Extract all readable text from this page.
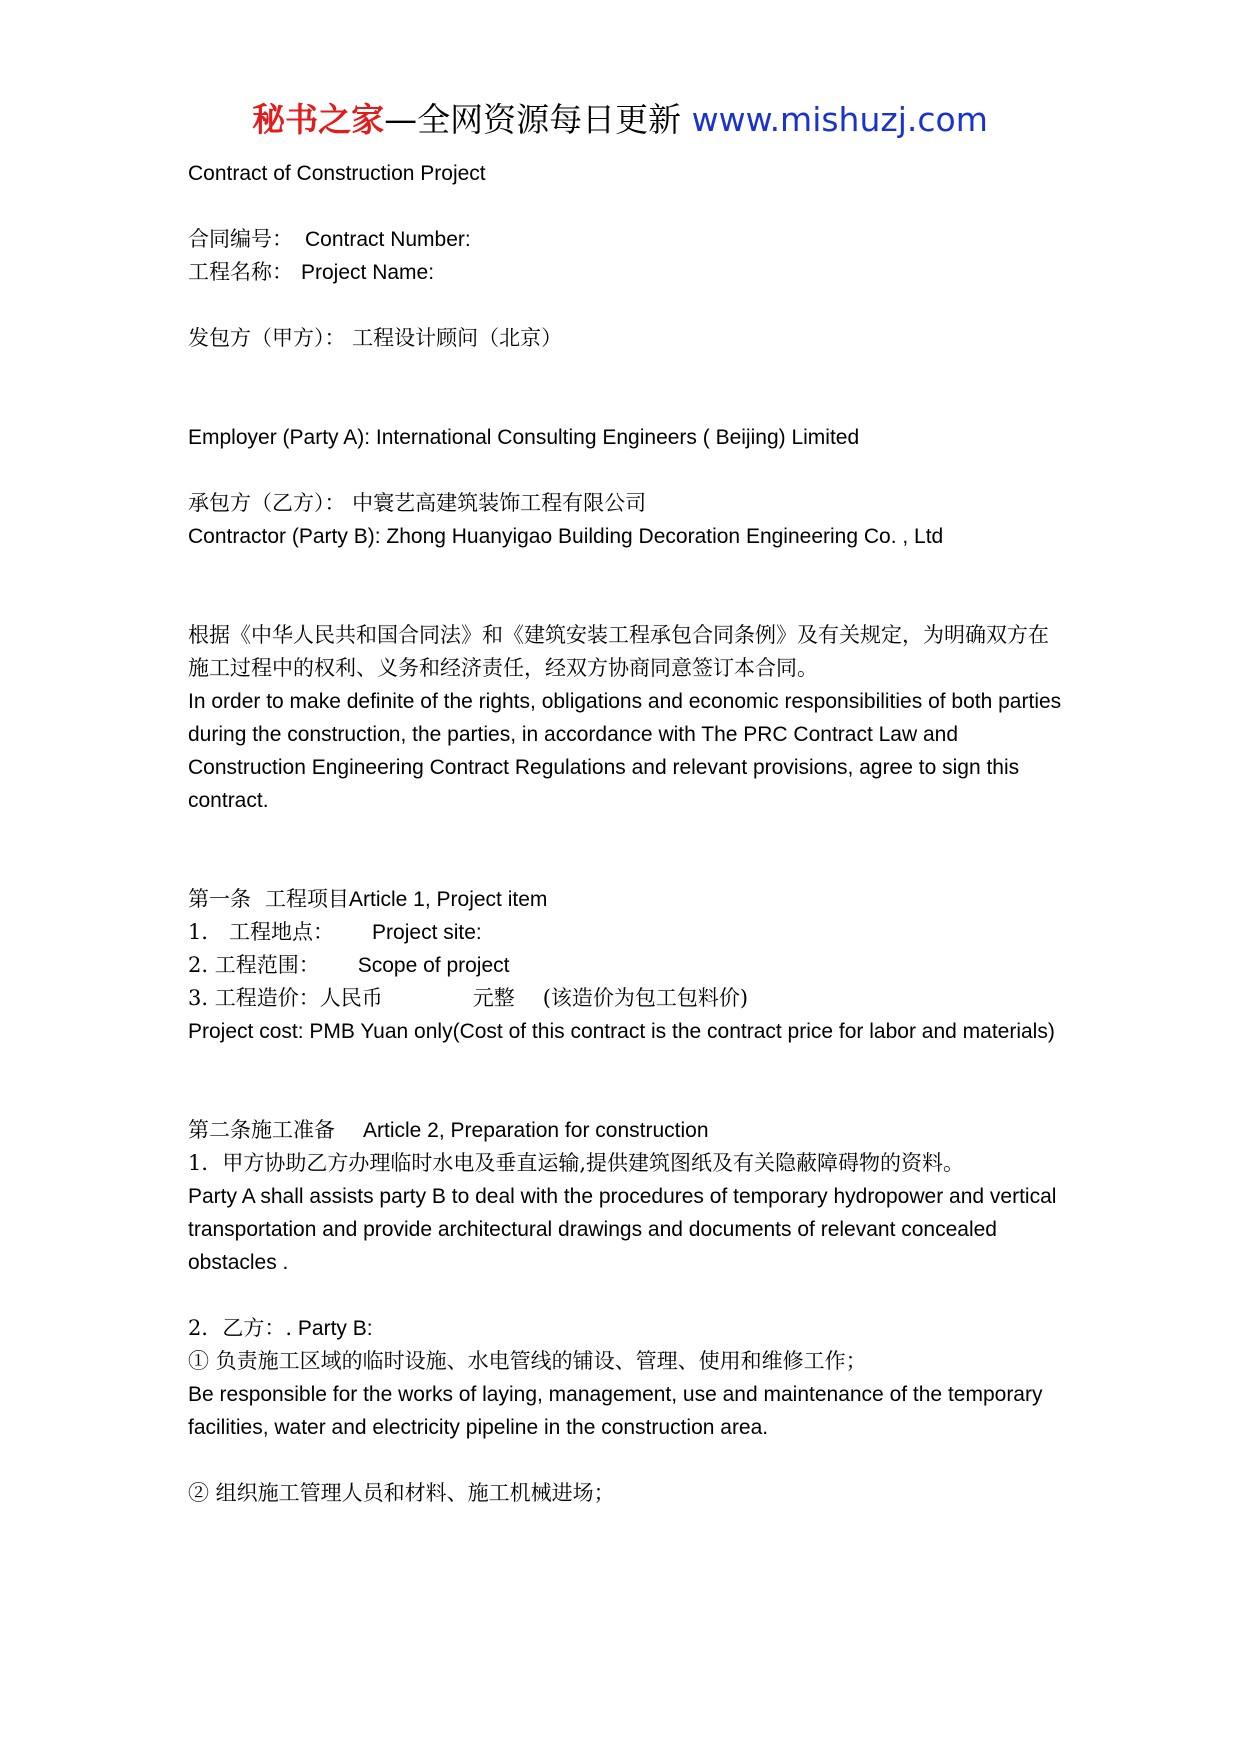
秘书之家—全网资源每日更新 www.mishuzj.com
Contract of Construction Project
合同编号： Contract Number:
工程名称： Project Name:
发包方（甲方）： 工程设计顾问（北京）
Employer (Party A): International Consulting Engineers ( Beijing) Limited
承包方（乙方）： 中寰艺高建筑装饰工程有限公司
Contractor (Party B): Zhong Huanyigao Building Decoration Engineering Co. , Ltd
根据《中华人民共和国合同法》和《建筑安装工程承包合同条例》及有关规定，为明确双方在施工过程中的权利、义务和经济责任，经双方协商同意签订本合同。
In order to make definite of the rights, obligations and economic responsibilities of both parties during the construction, the parties, in accordance with The PRC Contract Law and Construction Engineering Contract Regulations and relevant provisions, agree to sign this contract.
第一条 工程项目Article 1, Project item
1． 工程地点： Project site:
2. 工程范围： Scope of project
3. 工程造价：人民币	元整 (该造价为包工包料价)
Project cost: PMB Yuan only(Cost of this contract is the contract price for labor and materials)
第二条施工准备 Article 2, Preparation for construction
1．甲方协助乙方办理临时水电及垂直运输,提供建筑图纸及有关隐蔽障碍物的资料。
Party A shall assists party B to deal with the procedures of temporary hydropower and vertical transportation and provide architectural drawings and documents of relevant concealed obstacles .
2．乙方：. Party B:
① 负责施工区域的临时设施、水电管线的铺设、管理、使用和维修工作；
Be responsible for the works of laying, management, use and maintenance of the temporary facilities, water and electricity pipeline in the construction area.
② 组织施工管理人员和材料、施工机械进场；
